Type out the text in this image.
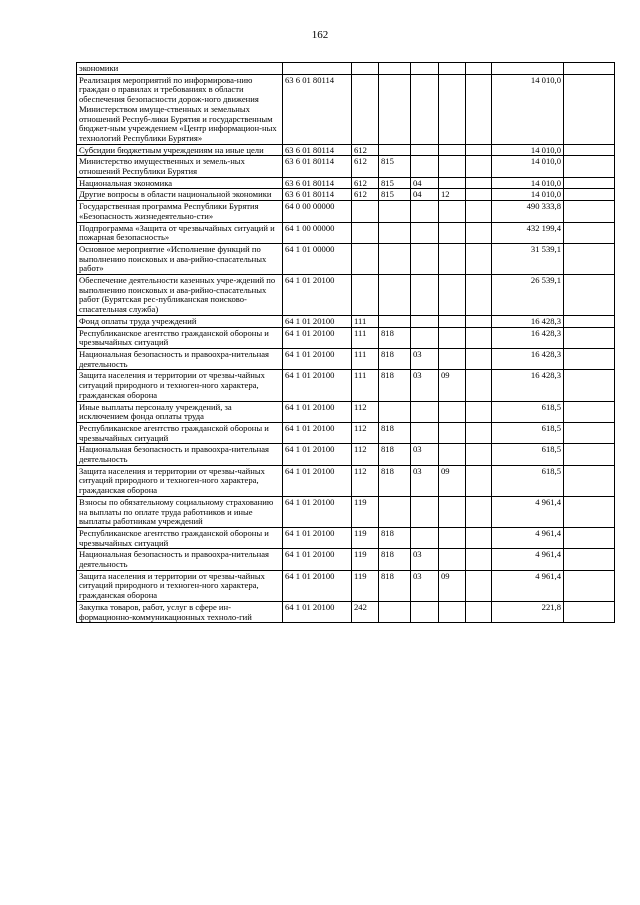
162
экономики								
Реализация мероприятий по информирова-нию граждан о правилах и требованиях в области обеспечения безопасности дорож-ного движения Министерством имуще-ственных и земельных отношений Респуб-лики Бурятия и государственным бюджет-ным учреждением «Центр информацион-ных технологий Республики Бурятия»	63 6 01 80114						14 010,0	
Субсидии бюджетным учреждениям на иные цели	63 6 01 80114	612					14 010,0	
Министерство имущественных и земель-ных отношений Республики Бурятия	63 6 01 80114	612	815				14 010,0	
Национальная экономика	63 6 01 80114	612	815	04			14 010,0	
Другие вопросы в области национальной экономики	63 6 01 80114	612	815	04	12		14 010,0	
Государственная программа Республики Бурятия «Безопасность жизнедеятельно-сти»	64 0 00 00000						490 333,8	
Подпрограмма «Защита от чрезвычайных ситуаций и пожарная безопасность»	64 1 00 00000						432 199,4	
Основное мероприятие «Исполнение функций по выполнению поисковых и ава-рийно-спасательных работ»	64 1 01 00000						31 539,1	
Обеспечение деятельности казенных учре-ждений по выполнению поисковых и ава-рийно-спасательных работ (Бурятская рес-публиканская поисково-спасательная служба)	64 1 01 20100						26 539,1	
Фонд оплаты труда учреждений	64 1 01 20100	111					16 428,3	
Республиканское агентство гражданской обороны и чрезвычайных ситуаций	64 1 01 20100	111	818				16 428,3	
Национальная безопасность и правоохра-нительная деятельность	64 1 01 20100	111	818	03			16 428,3	
Защита населения и территории от чрезвы-чайных ситуаций природного и техноген-ного характера, гражданская оборона	64 1 01 20100	111	818	03	09		16 428,3	
Иные выплаты персоналу учреждений, за исключением фонда оплаты труда	64 1 01 20100	112					618,5	
Республиканское агентство гражданской обороны и чрезвычайных ситуаций	64 1 01 20100	112	818				618,5	
Национальная безопасность и правоохра-нительная деятельность	64 1 01 20100	112	818	03			618,5	
Защита населения и территории от чрезвы-чайных ситуаций природного и техноген-ного характера, гражданская оборона	64 1 01 20100	112	818	03	09		618,5	
Взносы по обязательному социальному страхованию на выплаты по оплате труда работников и иные выплаты работникам учреждений	64 1 01 20100	119					4 961,4	
Республиканское агентство гражданской обороны и чрезвычайных ситуаций	64 1 01 20100	119	818				4 961,4	
Национальная безопасность и правоохра-нительная деятельность	64 1 01 20100	119	818	03			4 961,4	
Защита населения и территории от чрезвы-чайных ситуаций природного и техноген-ного характера, гражданская оборона	64 1 01 20100	119	818	03	09		4 961,4	
Закупка товаров, работ, услуг в сфере ин-формационно-коммуникационных техноло-гий	64 1 01 20100	242					221,8	
